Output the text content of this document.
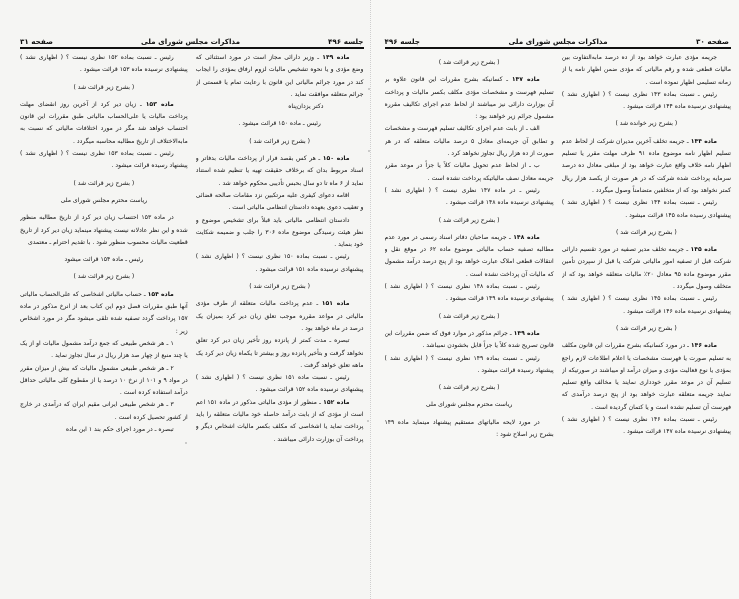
صفحه ۳۰
مذاکرات مجلس شورای ملی
جلسه ۴۹۶

جریمه مؤدی عبارت خواهد بود از ده درصد مابه‌التفاوت بین مالیات قطعی شده و رقم مالیاتی که مؤدی ضمن اظهار نامه یا از زمانه تسلیمی اظهار نموده است .

رئیس ـ نسبت بماده ۱۴۳ نظری نیست ؟ ( اظهاری نشد ) پیشنهادی نرسیده ماده ۱۴۴ قرائت میشود .

( بشرح زیر خوانده شد )

ماده ۱۴۴ ـ جریمه تخلف آخرین مدیران شرکت از لحاظ عدم تسلیم اظهار نامه موضوع ماده ۹۱ ظرف مهلت مقرر یا تسلیم اظهار نامه خلاف واقع عبارت خواهد بود از مبلغی معادل ده درصد سرمایه پرداخت شده شرکت که در هر صورت از یکصد هزار ریال کمتر نخواهد بود که از متخلفین متضامناً وصول میگردد .

رئیس ـ نسبت بماده ۱۴۴ نظری نیست ؟ ( اظهاری نشد ) پیشنهادی رسیده ماده ۱۴۵ قرائت میشود .

( بشرح زیر قرائت شد )

ماده ۱۴۵ ـ جریمه تخلف مدیر تصفیه در مورد تقسیم دارائی شرکت قبل از تصفیه امور مالیاتی شرکت یا قبل از سپردن تأمین مقرر موضوع ماده ۹۵ معادل ۲۰٪ مالیات متعلقه خواهد بود که از متخلف وصول میگردد .

رئیس ـ نسبت بماده ۱۴۵ نظری نیست ؟ ( اظهاری نشد ) پیشنهادی نرسیده ماده ۱۴۶ قرائت میشود .

( بشرح زیر قرائت شد )

ماده ۱۴۶ ـ در مورد کسانیکه بشرح مقررات این قانون مکلف به تسلیم صورت یا فهرست مشخصات یا اعلام اطلاعات لازم راجع بمؤدی یا نوع فعالیت مؤدی و میزان درآمد او میباشند در صورتیکه از تسلیم آن در موعد مقرر خودداری نمایند یا مخالف واقع تسلیم نمایند جریمه متعلقه عبارت خواهد بود از پنج درصد درآمدی که فهرست آن تسلیم نشده است و یا کتمان گردیده است .

رئیس ـ نسبت بماده ۱۴۶ نظری نیست ؟ ( اظهاری نشد ) پیشنهادی نرسیده ماده ۱۴۷ قرائت میشود .

( بشرح زیر قرائت شد )

ماده ۱۴۷ ـ کسانیکه بشرح مقررات این قانون علاوه بر تسلیم فهرست و مشخصات مؤدی مکلف بکسر مالیات و پرداخت آن بوزارت دارائی نیز میباشند از لحاظ عدم اجرای تکالیف مقرره مشمول جرائم زیر خواهند بود :

الف ـ از بابت عدم اجرای تکالیف تسلیم فهرست و مشخصات و تطابق آن جریمه‌ای معادل ۵ درصد مالیات متعلقه که در هر صورت از ده هزار ریال تجاوز نخواهد کرد .

ب ـ از لحاظ عدم تحویل مالیات کلاً یا جزاً در موعد مقرر جریمه معادل نصف مالیاتیکه پرداخت نشده است .

رئیس ـ در ماده ۱۴۷ نظری نیست ؟ ( اظهاری نشد ) پیشنهادی نرسیده ماده ۱۴۸ قرائت میشود .

( بشرح زیر قرائت شد )

ماده ۱۴۸ ـ جریمه صاحبان دفاتر اسناد رسمی در مورد عدم مطالبه تصفیه حساب مالیاتی موضوع ماده ۶۲ در موقع نقل و انتقالات قطعی املاک عبارت خواهد بود از پنج درصد درآمد مشمول که مالیات آن پرداخت نشده است .

رئیس ـ نسبت بماده ۱۴۸ نظری نیست ؟ ( اظهاری نشد ) پیشنهادی نرسیده ماده ۱۴۹ قرائت میشود .

( بشرح زیر قرائت شد )

ماده ۱۴۹ ـ جرائم مذکور در موارد فوق که ضمن مقررات این قانون تصریح شده کلاً یا جزاً قابل بخشودن نمیباشد .

رئیس ـ نسبت بماده ۱۴۹ نظری نیست ؟ ( اظهاری نشد ) پیشنهاد رسیده قرائت میشود .

( بشرح زیر قرائت شد )

ریاست محترم مجلس شورای ملی

در مورد لایحه مالیاتهای مستقیم پیشنهاد مینماید ماده ۱۴۹ بشرح زیر اصلاح شود :

جلسه ۴۹۶
مذاکرات مجلس شورای ملی
صفحه ۳۱

ماده ۱۴۹ ـ وزیر دارائی مجاز است در مورد استثنائی که وضع مؤدی و یا نحوه تشخیص مالیات لزوم ارفاق بمؤدی را ایجاب کند در مورد جرائم مالیاتی این قانون با رعایت تمام یا قسمتی از جرائم متعلقه موافقت نماید .

دکتر یزدان‌پناه

رئیس ـ ماده ۱۵۰ قرائت میشود .

( بشرح زیر قرائت شد )

ماده ۱۵۰ ـ هر کس بقصد فرار از پرداخت مالیات بدفاتر و اسناد مربوط بدان که برخلاف حقیقت تهیه یا تنظیم شده استناد نماید از ۶ ماه تا دو سال بحبس تأدیبی محکوم خواهد شد .

اقامه دعوای کیفری علیه مرتکبین نزد مقامات صالحه قضائی و تعقیب دعوی بعهده دادستان انتظامی مالیاتی است .

دادستان انتظامی مالیاتی باید قبلاً برای تشخیص موضوع و نظر هیئت رسیدگی موضوع ماده ۳۰۶ را جلب و ضمیمه شکایت خود بنماید .

رئیس ـ نسبت بماده ۱۵۰ نظری نیست ؟ ( اظهاری نشد ) پیشنهادی نرسیده ماده ۱۵۱ قرائت میشود .

( بشرح زیر قرائت شد )

ماده ۱۵۱ ـ عدم پرداخت مالیات متعلقه از طرف مؤدی مالیاتی در مواعد مقرره موجب تعلق زیان دیر کرد بمیزان یک درصد در ماه خواهد بود .

تبصره ـ مدت کمتر از پانزده روز تأخیر زیان دیر کرد تعلق نخواهد گرفت و بتأخیر پانزده روز و بیشتر تا یکماه زیان دیر کرد یک ماهه تعلق خواهد گرفت .

رئیس ـ نسبت ماده ۱۵۱ نظری نیست ؟ ( اظهاری نشد ) پیشنهادی نرسیده ماده ۱۵۲ قرائت میشود .

ماده ۱۵۲ ـ منظور از مؤدی مالیاتی مذکور در ماده ۱۵۱ اعم است از مؤدی که از بابت درآمد حاصله خود مالیات متعلقه را باید پرداخت نماید یا اشخاصی که مکلف بکسر مالیات اشخاص دیگر و پرداخت آن بوزارت دارائی میباشند .

رئیس ـ نسبت بماده ۱۵۲ نظری نیست ؟ ( اظهاری نشد ) پیشنهادی نرسیده ماده ۱۵۳ قرائت میشود .

( بشرح زیر قرائت شد )

ماده ۱۵۳ ـ زیان دیر کرد از آخرین روز انقضای مهلت پرداخت مالیات یا علی‌الحساب مالیاتی طبق مقررات این قانون احتساب خواهد شد مگر در مورد اختلافات مالیاتی که نسبت به مابه‌الاختلاف از تاریخ مطالبه محاسبه میگردد .

رئیس ـ نسبت بماده ۱۵۳ نظری نیست ؟ ( اظهاری نشد ) پیشنهاد رسیده قرائت میشود .

( بشرح زیر قرائت شد )

ریاست محترم مجلس شورای ملی

در ماده ۱۵۳ احتساب زیان دیر کرد از تاریخ مطالبه منظور شده و این نظر عادلانه نیست پیشنهاد مینماید زیان دیر کرد از تاریخ قطعیت مالیات محسوب منظور شود . با تقدیم احترام ـ معتمدی

رئیس ـ ماده ۱۵۴ قرائت میشود

( بشرح زیر قرائت شد )

ماده ۱۵۴ ـ حساب مالیاتی اشخاصی که علی‌الحساب مالیاتی آنها طبق مقررات فصل دوم این کتاب بعد از انرخ مذکور در ماده ۱۵۷ پرداخت گردد تصفیه شده تلقی میشود مگر در مورد اشخاص زیر :

۱ ـ هر شخص طبیعی که جمع درآمد مشمول مالیات او از یک یا چند منبع از چهار صد هزار ریال در سال تجاوز نماید .

۲ ـ هر شخص طبیعی مشمول مالیات که بیش از میزان مقرر در مواد ۹ و ۱۰۱ از نرخ ۱۰ درصد یا از مقطوع کلی مالیاتی حداقل درآمد استفاده کرده است .

۳ ـ هر شخص طبیعی ایرانی مقیم ایران که درآمدی در خارج از کشور تحصیل کرده است .

تبصره ـ در مورد اجرای حکم بند ۱ این ماده
